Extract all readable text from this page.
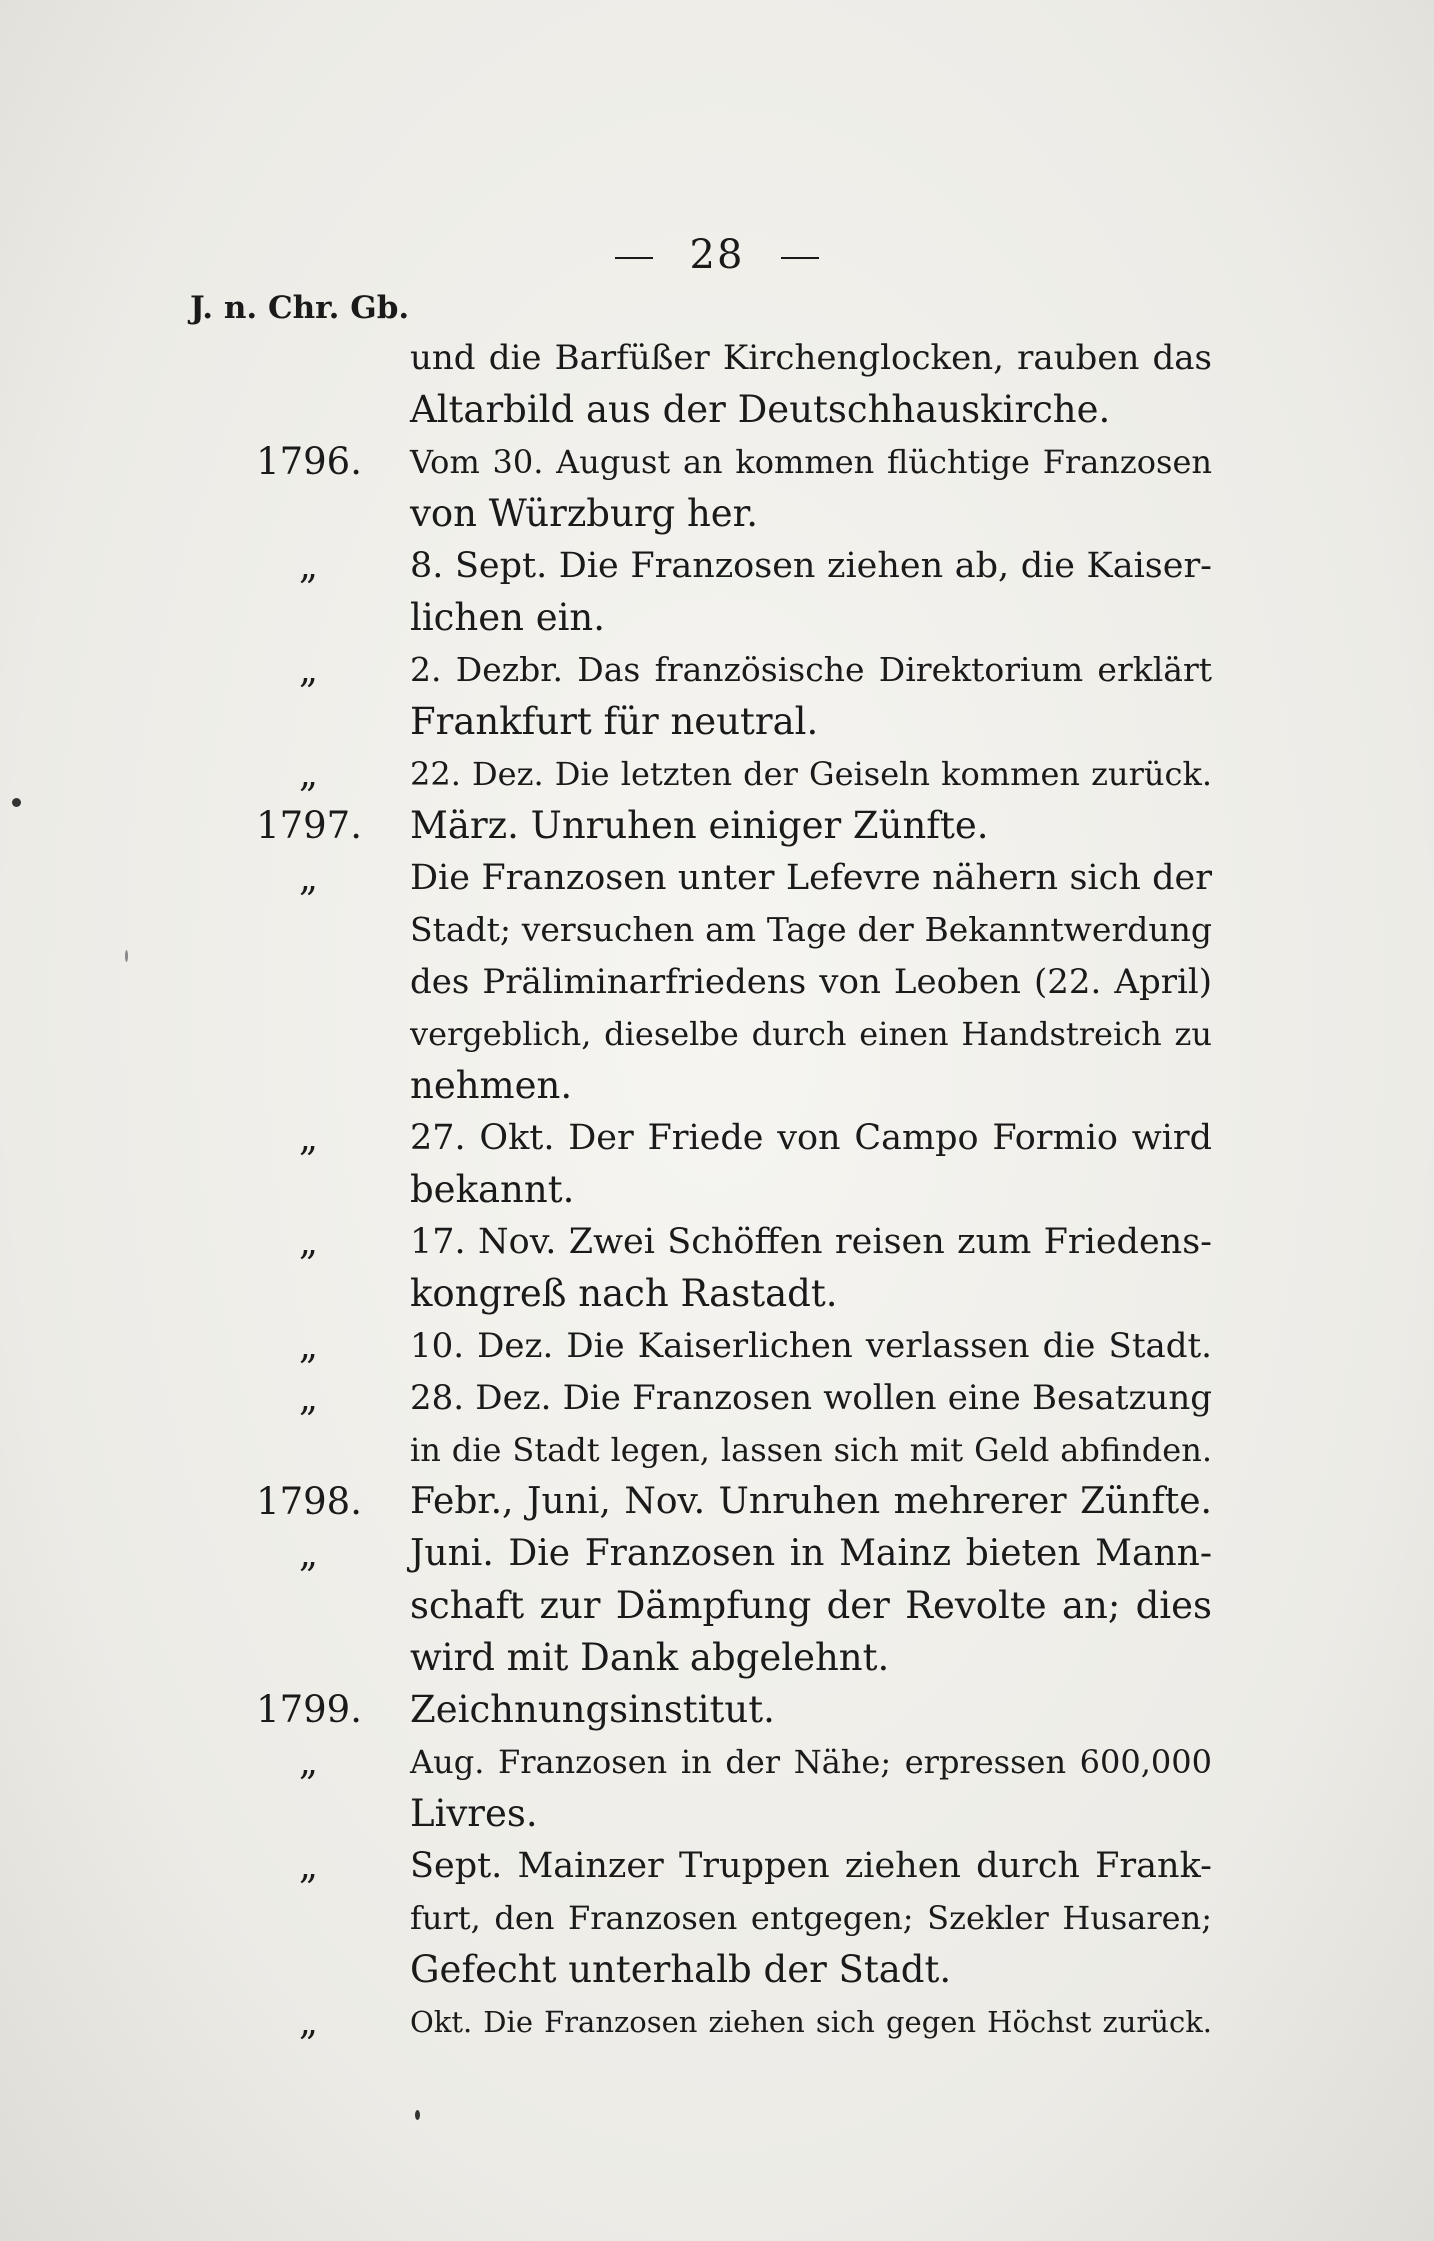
28
J. n. Chr. Gb.
und die Barfüßer Kirchenglocken, rauben das
Altarbild aus der Deutschhauskirche.
1796. Vom 30. August an kommen flüchtige Franzosen
von Würzburg her.
„	8. Sept. Die Franzosen ziehen ab, die Kaiser-
lichen ein.
„	2. Dezbr. Das französische Direktorium erklärt
Frankfurt für neutral.
„	22. Dez. Die letzten der Geiseln kommen zurück.
1797. März. Unruhen einiger Zünfte.
„	Die Franzosen unter Lefevre nähern sich der
Stadt; versuchen am Tage der Bekanntwerdung
des Präliminarfriedens von Leoben (22. April)
vergeblich, dieselbe durch einen Handstreich zu
nehmen.
„	27. Okt. Der Friede von Campo Formio wird
bekannt.
„	17. Nov. Zwei Schöffen reisen zum Friedens-
kongreß nach Rastadt.
„	10. Dez. Die Kaiserlichen verlassen die Stadt.
„	28. Dez. Die Franzosen wollen eine Besatzung
in die Stadt legen, lassen sich mit Geld abfinden.
1798. Febr., Juni, Nov. Unruhen mehrerer Zünfte.
„	Juni. Die Franzosen in Mainz bieten Mann-
schaft zur Dämpfung der Revolte an; dies
wird mit Dank abgelehnt.
1799. Zeichnungsinstitut.
„	Aug. Franzosen in der Nähe; erpressen 600,000
Livres.
„	Sept. Mainzer Truppen ziehen durch Frank-
furt, den Franzosen entgegen; Szekler Husaren;
Gefecht unterhalb der Stadt.
„	Okt. Die Franzosen ziehen sich gegen Höchst zurück.
